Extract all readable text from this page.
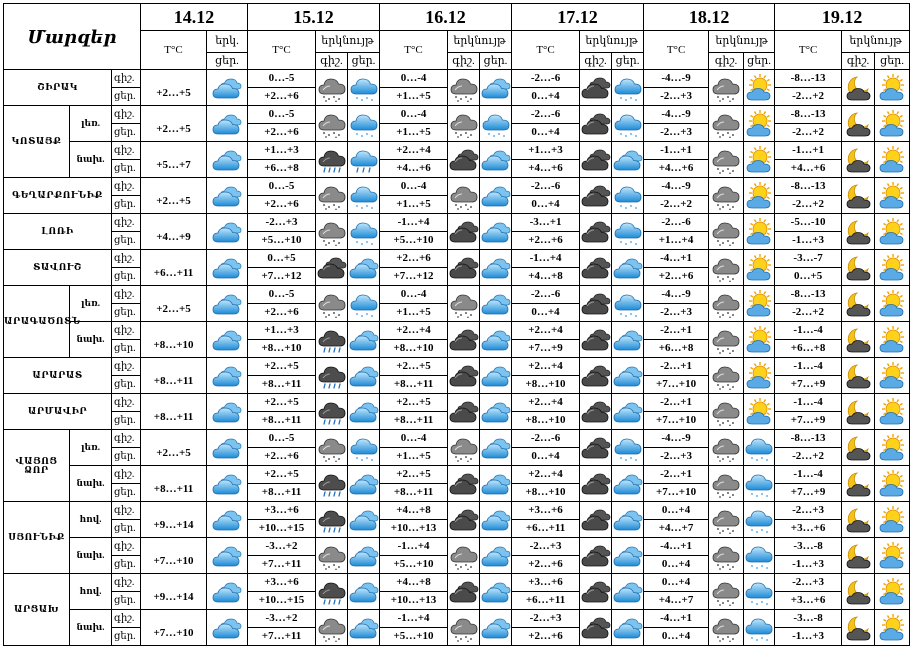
Մարզեր			14.12		15.12			16.12			17.12			18.12			19.12		
			T°C	երկ.	T°C	երկնույթ		T°C	երկնույթ		T°C	երկնույթ		T°C	երկնույթ		T°C	երկնույթ	
				ցեր.		գիշ.	ցեր.		գիշ.	ցեր.		գիշ.	ցեր.		գիշ.	ցեր.		գիշ.	ցեր.
ՇԻՐԱԿ		գիշ.	+2…+5		0…-5			0…-4			-2…-6			-4…-9			-8…-13	

		ցեր.			+2…+6			+1…+5			0…+4			-2…+3			-2…+2		
ԿՈՏԱՅՔ	լեռ.	գիշ.	+2…+5		0…-5			0…-4			-2…-6			-4…-9			-8…-13	

		ցեր.			+2…+6			+1…+5			0…+4			-2…+3			-2…+2		
	նախ.	գիշ.	+5…+7		+1…+3			+2…+4			+1…+3			-1…+1			-1…+1	

		ցեր.			+6…+8			+4…+6			+4…+6			+4…+6			+4…+6		
ԳԵՂԱՐՔՈՒՆԻՔ		գիշ.	+2…+5		0…-5			0…-4			-2…-6			-4…-9			-8…-13	

		ցեր.			+2…+6			+1…+5			0…+4			-2…+2			-2…+2		
ԼՈՌԻ		գիշ.	+4…+9		-2…+3			-1…+4			-3…+1			-2…-6			-5…-10	

		ցեր.			+5…+10			+5…+10			+2…+6			+1…+4			-1…+3		
ՏԱՎՈՒՇ		գիշ.	+6…+11		0…+5			+2…+6			-1…+4			-4…+1			-3…-7	

		ցեր.			+7…+12			+7…+12			+4…+8			+2…+6			0…+5		
ԱՐԱԳԱԾՈՏՆ	լեռ.	գիշ.	+2…+5		0…-5			0…-4			-2…-6			-4…-9			-8…-13	

		ցեր.			+2…+6			+1…+5			0…+4			-2…+3			-2…+2		
	նախ.	գիշ.	+8…+10		+1…+3			+2…+4			+2…+4			-2…+1			-1…-4	

		ցեր.			+8…+10			+8…+10			+7…+9			+6…+8			+6…+8		
ԱՐԱՐԱՏ		գիշ.	+8…+11		+2…+5			+2…+5			+2…+4			-2…+1			-1…-4	

		ցեր.			+8…+11			+8…+11			+8…+10			+7…+10			+7…+9		
ԱՐՄԱՎԻՐ		գիշ.	+8…+11		+2…+5			+2…+5			+2…+4			-2…+1			-1…-4	

		ցեր.			+8…+11			+8…+11			+8…+10			+7…+10			+7…+9		
ՎԱՅՈՑ ՁՈՐ	լեռ.	գիշ.	+2…+5		0…-5			0…-4			-2…-6			-4…-9			-8…-13	

		ցեր.			+2…+6			+1…+5			0…+4			-2…+3			-2…+2		
	նախ.	գիշ.	+8…+11		+2…+5			+2…+5			+2…+4			-2…+1			-1…-4	

		ցեր.			+8…+11			+8…+11			+8…+10			+7…+10			+7…+9		
ՍՅՈՒՆԻՔ	հով.	գիշ.	+9…+14		+3…+6			+4…+8			+3…+6			0…+4			-2…+3	

		ցեր.			+10…+15			+10…+13			+6…+11			+4…+7			+3…+6		
	նախ.	գիշ.	+7…+10		-3…+2			-1…+4			-2…+3			-4…+1			-3…-8	

		ցեր.			+7…+11			+5…+10			+2…+6			0…+4			-1…+3		
ԱՐՑԱԽ	հով.	գիշ.	+9…+14		+3…+6			+4…+8			+3…+6			0…+4			-2…+3	

		ցեր.			+10…+15			+10…+13			+6…+11			+4…+7			+3…+6		
	նախ.	գիշ.	+7…+10		-3…+2			-1…+4			-2…+3			-4…+1			-3…-8	

		ցեր.			+7…+11			+5…+10			+2…+6			0…+4			-1…+3		
